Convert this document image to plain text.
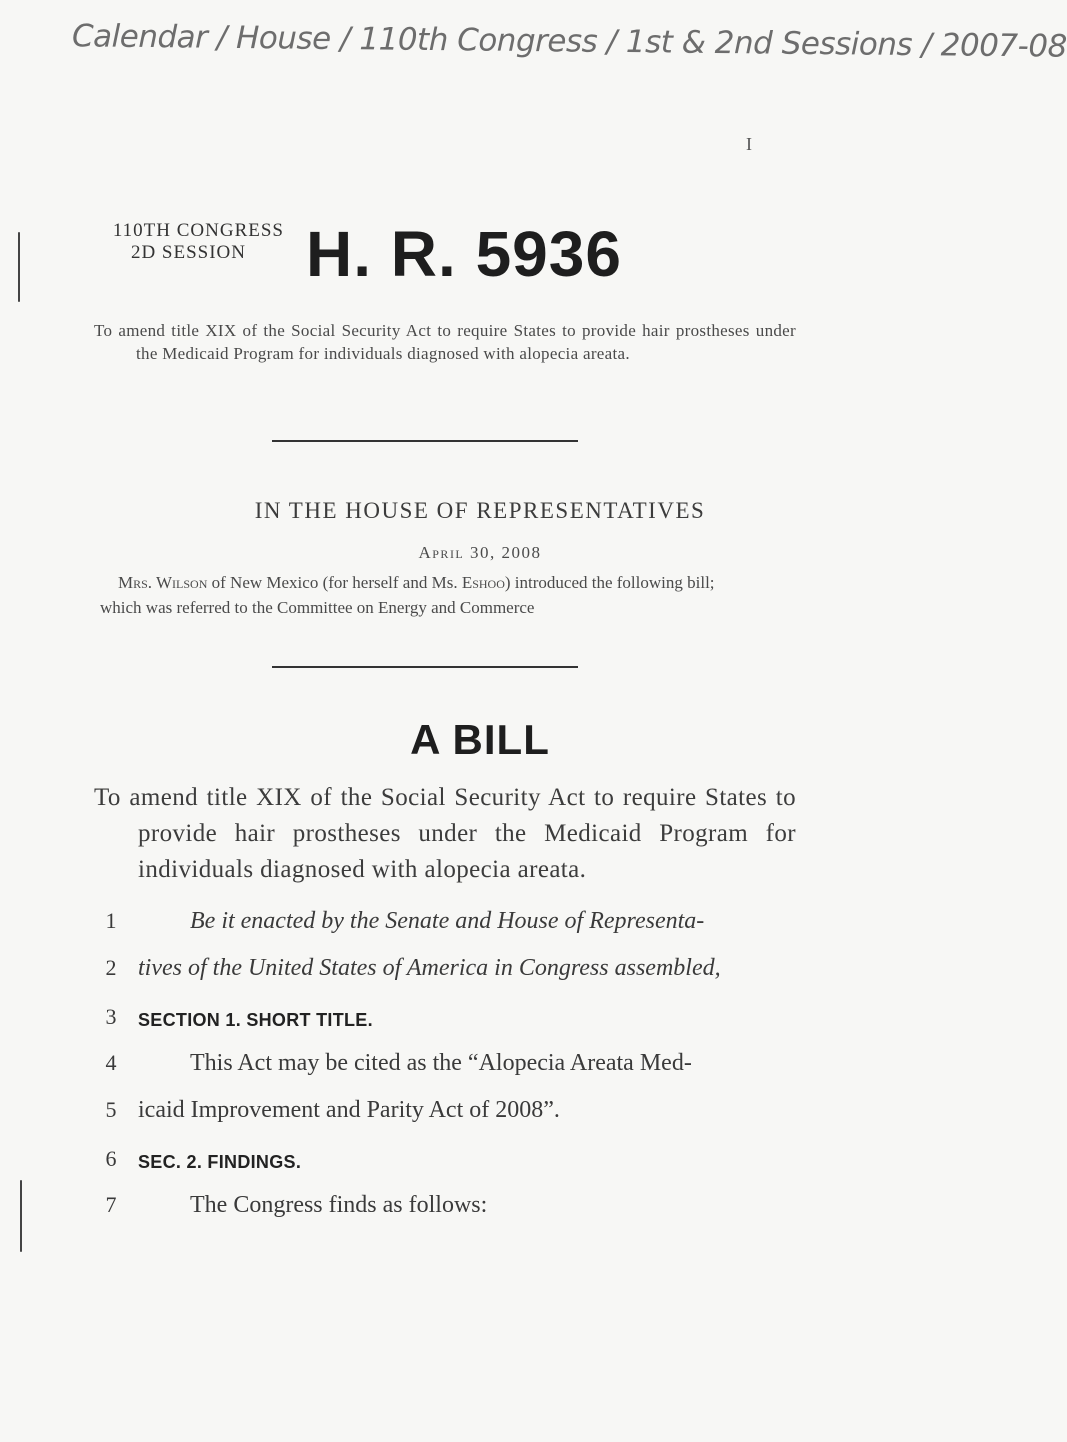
Calendar / House / 110th Congress / 1st & 2nd Sessions / 2007-08
I
110TH CONGRESS
2D SESSION H. R. 5936
To amend title XIX of the Social Security Act to require States to provide hair prostheses under the Medicaid Program for individuals diagnosed with alopecia areata.
IN THE HOUSE OF REPRESENTATIVES
April 30, 2008
Mrs. Wilson of New Mexico (for herself and Ms. Eshoo) introduced the following bill; which was referred to the Committee on Energy and Commerce
A BILL
To amend title XIX of the Social Security Act to require States to provide hair prostheses under the Medicaid Program for individuals diagnosed with alopecia areata.
1	Be it enacted by the Senate and House of Representa-
2 tives of the United States of America in Congress assembled,
3	SECTION 1. SHORT TITLE.
4	This Act may be cited as the “Alopecia Areata Med-
5 icaid Improvement and Parity Act of 2008”.
6	SEC. 2. FINDINGS.
7	The Congress finds as follows:
